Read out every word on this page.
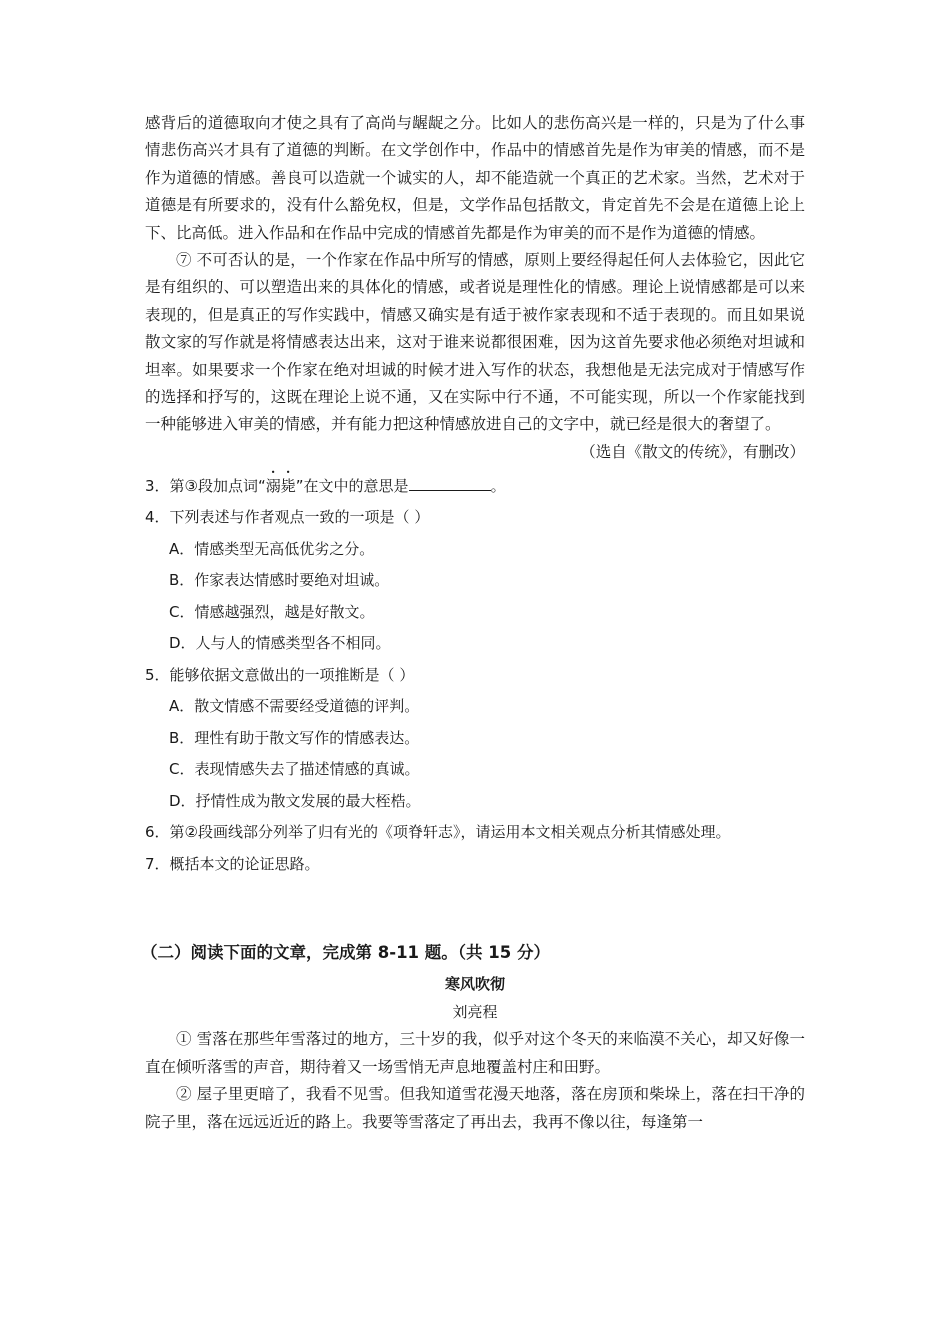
感背后的道德取向才使之具有了高尚与龌龊之分。比如人的悲伤高兴是一样的，只是为了什么事情悲伤高兴才具有了道德的判断。在文学创作中，作品中的情感首先是作为审美的情感，而不是作为道德的情感。善良可以造就一个诚实的人，却不能造就一个真正的艺术家。当然，艺术对于道德是有所要求的，没有什么豁免权，但是，文学作品包括散文，肯定首先不会是在道德上论上下、比高低。进入作品和在作品中完成的情感首先都是作为审美的而不是作为道德的情感。

⑦ 不可否认的是，一个作家在作品中所写的情感，原则上要经得起任何人去体验它，因此它是有组织的、可以塑造出来的具体化的情感，或者说是理性化的情感。理论上说情感都是可以来表现的，但是真正的写作实践中，情感又确实是有适于被作家表现和不适于表现的。而且如果说散文家的写作就是将情感表达出来，这对于谁来说都很困难，因为这首先要求他必须绝对坦诚和坦率。如果要求一个作家在绝对坦诚的时候才进入写作的状态，我想他是无法完成对于情感写作的选择和抒写的，这既在理论上说不通，又在实际中行不通，不可能实现，所以一个作家能找到一种能够进入审美的情感，并有能力把这种情感放进自己的文字中，就已经是很大的奢望了。

（选自《散文的传统》，有删改）

3．第③段加点词“溺毙”在文中的意思是	。

4．下列表述与作者观点一致的一项是（ ）

A．情感类型无高低优劣之分。

B．作家表达情感时要绝对坦诚。

C．情感越强烈，越是好散文。

D．人与人的情感类型各不相同。

5．能够依据文意做出的一项推断是（ ）

A．散文情感不需要经受道德的评判。

B．理性有助于散文写作的情感表达。

C．表现情感失去了描述情感的真诚。

D．抒情性成为散文发展的最大桎梏。

6．第②段画线部分列举了归有光的《项脊轩志》，请运用本文相关观点分析其情感处理。

7．概括本文的论证思路。

（二）阅读下面的文章，完成第 8-11 题。（共 15 分）

寒风吹彻

刘亮程

① 雪落在那些年雪落过的地方，三十岁的我，似乎对这个冬天的来临漠不关心，却又好像一直在倾听落雪的声音，期待着又一场雪悄无声息地覆盖村庄和田野。

② 屋子里更暗了，我看不见雪。但我知道雪花漫天地落，落在房顶和柴垛上，落在扫干净的院子里，落在远远近近的路上。我要等雪落定了再出去，我再不像以往，每逢第一
